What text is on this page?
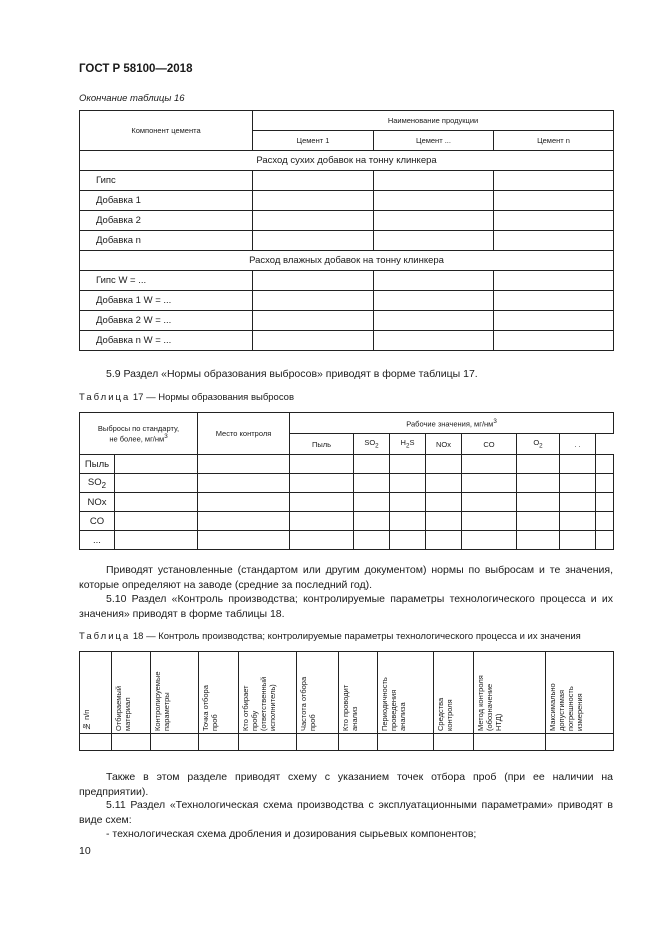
ГОСТ Р 58100—2018
Окончание таблицы 16
Компонент цемента	Наименование продукции		
	Цемент 1	Цемент ...	Цемент n
Расход сухих добавок на тонну клинкера			
Гипс			
Добавка 1			
Добавка 2			
Добавка n			
Расход влажных добавок на тонну клинкера			
Гипс W = ...			
Добавка 1 W = ...			
Добавка 2 W = ...			
Добавка n W = ...			
5.9 Раздел «Нормы образования выбросов» приводят в форме таблицы 17.
Таблица 17 — Нормы образования выбросов
Выбросы по стандарту,
не более, $мг/нм^3$		Место контроля	Рабочие значения, $мг/нм^3$
			Пыль	$SO_2$	$H_2S$	NOx	CO	$O_2$	. .	
Пыль										
$SO_2$										
NOx										
CO										
...										
Приводят установленные (стандартом или другим документом) нормы по выбросам и те значения, которые определяют на заводе (средние за последний год).
5.10 Раздел «Контроль производства; контролируемые параметры технологического процесса и их значения» приводят в форме таблицы 18.
Таблица 18 — Контроль производства; контролируемые параметры технологического процесса и их значения
№ п/п	Отбираемый материал	Контролируемые параметры	Точка отбора проб	Кто отбирает пробу (ответственный исполнитель)	Частота отбора проб	Кто проводит анализ	Периодичность проведения анализа	Средства контроля	Метод контроля (обозначение НТД)	Максимально допустимая погрешность измерения

Также в этом разделе приводят схему с указанием точек отбора проб (при ее наличии на предприятии).
5.11 Раздел «Технологическая схема производства с эксплуатационными параметрами» приводят в виде схем:
- технологическая схема дробления и дозирования сырьевых компонентов;
10
